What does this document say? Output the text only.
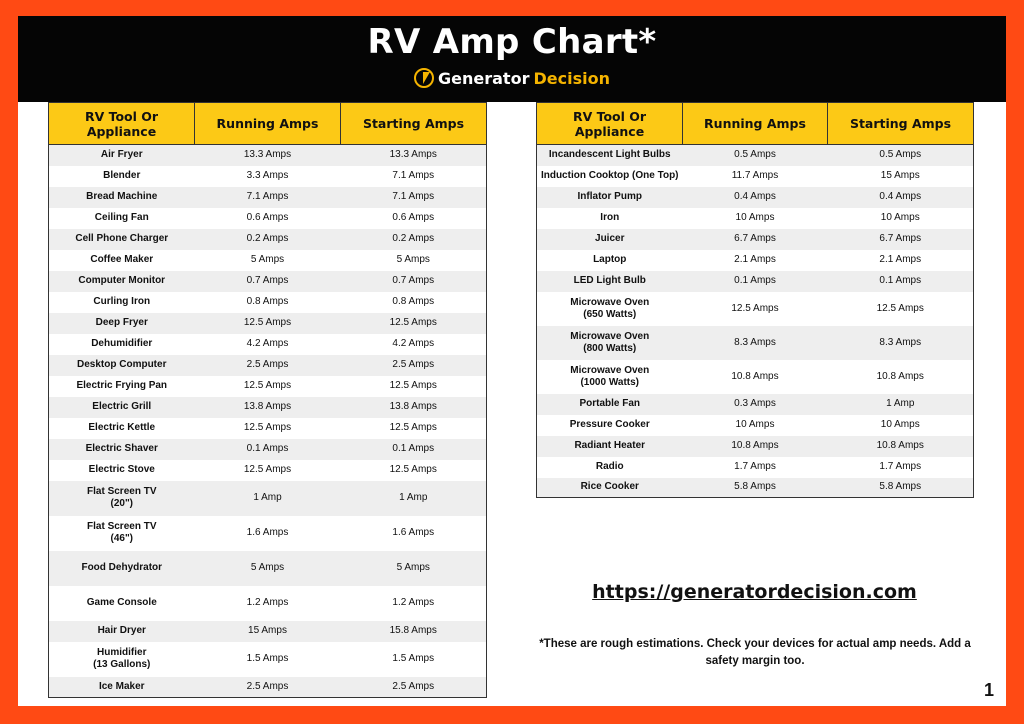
RV Amp Chart*
Generator Decision
RV Tool Or Appliance	Running Amps	Starting Amps
Air Fryer	13.3 Amps	13.3 Amps
Blender	3.3 Amps	7.1 Amps
Bread Machine	7.1 Amps	7.1 Amps
Ceiling Fan	0.6 Amps	0.6 Amps
Cell Phone Charger	0.2 Amps	0.2 Amps
Coffee Maker	5 Amps	5 Amps
Computer Monitor	0.7 Amps	0.7 Amps
Curling Iron	0.8 Amps	0.8 Amps
Deep Fryer	12.5 Amps	12.5 Amps
Dehumidifier	4.2 Amps	4.2 Amps
Desktop Computer	2.5 Amps	2.5 Amps
Electric Frying Pan	12.5 Amps	12.5 Amps
Electric Grill	13.8 Amps	13.8 Amps
Electric Kettle	12.5 Amps	12.5 Amps
Electric Shaver	0.1 Amps	0.1 Amps
Electric Stove	12.5 Amps	12.5 Amps
Flat Screen TV
(20")	1 Amp	1 Amp
Flat Screen TV
(46")	1.6 Amps	1.6 Amps
Food Dehydrator	5 Amps	5 Amps
Game Console	1.2 Amps	1.2 Amps
Hair Dryer	15 Amps	15.8 Amps
Humidifier
(13 Gallons)	1.5 Amps	1.5 Amps
Ice Maker	2.5 Amps	2.5 Amps
RV Tool Or Appliance	Running Amps	Starting Amps
Incandescent Light Bulbs	0.5 Amps	0.5 Amps
Induction Cooktop (One Top)	11.7 Amps	15 Amps
Inflator Pump	0.4 Amps	0.4 Amps
Iron	10 Amps	10 Amps
Juicer	6.7 Amps	6.7 Amps
Laptop	2.1 Amps	2.1 Amps
LED Light Bulb	0.1 Amps	0.1 Amps
Microwave Oven
(650 Watts)	12.5 Amps	12.5 Amps
Microwave Oven
(800 Watts)	8.3 Amps	8.3 Amps
Microwave Oven
(1000 Watts)	10.8 Amps	10.8 Amps
Portable Fan	0.3 Amps	1 Amp
Pressure Cooker	10 Amps	10 Amps
Radiant Heater	10.8 Amps	10.8 Amps
Radio	1.7 Amps	1.7 Amps
Rice Cooker	5.8 Amps	5.8 Amps
https://generatordecision.com
*These are rough estimations. Check your devices for actual amp needs. Add a safety margin too.
1
